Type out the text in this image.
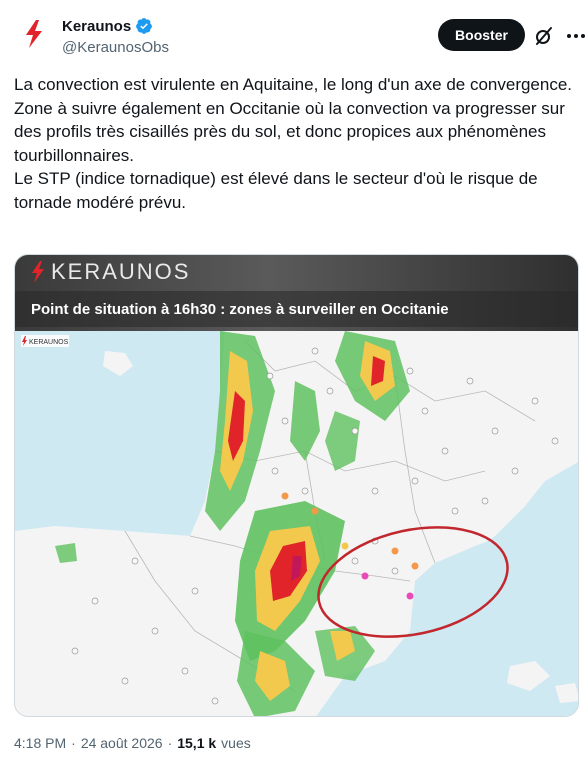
Keraunos
@KeraunosObs
Booster

La convection est virulente en Aquitaine, le long d'un axe de convergence.

Zone à suivre également en Occitanie où la convection va progresser sur des profils très cisaillés près du sol, et donc propices aux phénomènes tourbillonnaires.

Le STP (indice tornadique) est élevé dans le secteur d'où le risque de tornade modéré prévu.

KERAUNOS
Point de situation à 16h30 : zones à surveiller en Occitanie
KERAUNOS
4:18 PM · 24 août 2026 · 15,1 k vues
